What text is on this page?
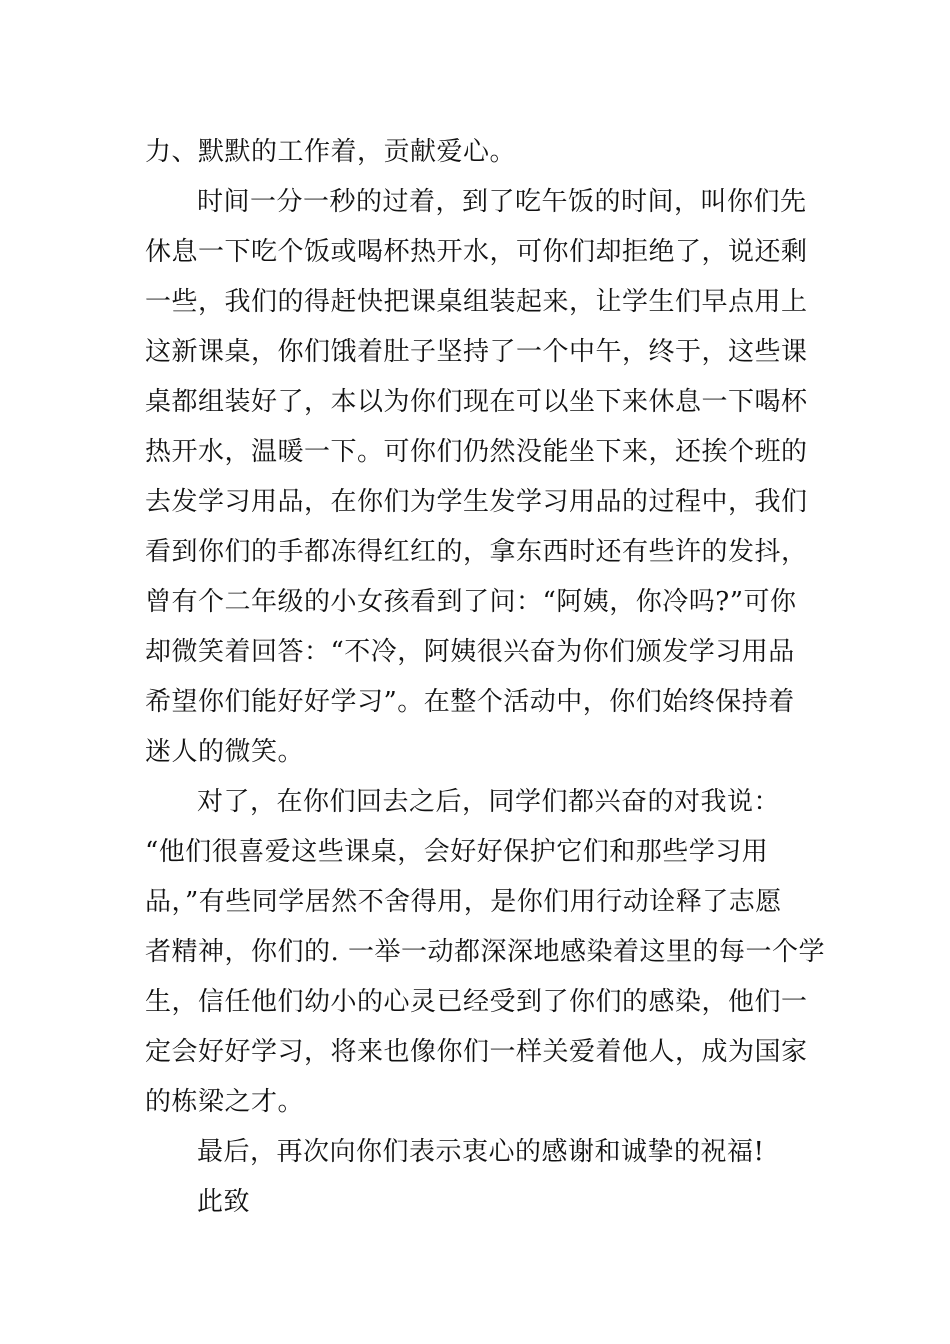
力、默默的工作着，贡献爱心。
时间一分一秒的过着，到了吃午饭的时间，叫你们先
休息一下吃个饭或喝杯热开水，可你们却拒绝了，说还剩
一些，我们的得赶快把课桌组装起来，让学生们早点用上
这新课桌，你们饿着肚子坚持了一个中午，终于，这些课
桌都组装好了，本以为你们现在可以坐下来休息一下喝杯
热开水，温暖一下。可你们仍然没能坐下来，还挨个班的
去发学习用品，在你们为学生发学习用品的过程中，我们
看到你们的手都冻得红红的，拿东西时还有些许的发抖，
曾有个二年级的小女孩看到了问：“阿姨，你冷吗?”可你
却微笑着回答：“不冷，阿姨很兴奋为你们颁发学习用品
希望你们能好好学习”。在整个活动中，你们始终保持着
迷人的微笑。
对了，在你们回去之后，同学们都兴奋的对我说：
“他们很喜爱这些课桌，会好好保护它们和那些学习用
品，”有些同学居然不舍得用，是你们用行动诠释了志愿
者精神，你们的. 一举一动都深深地感染着这里的每一个学
生，信任他们幼小的心灵已经受到了你们的感染，他们一
定会好好学习，将来也像你们一样关爱着他人，成为国家
的栋梁之才。
最后，再次向你们表示衷心的感谢和诚挚的祝福!
此致
